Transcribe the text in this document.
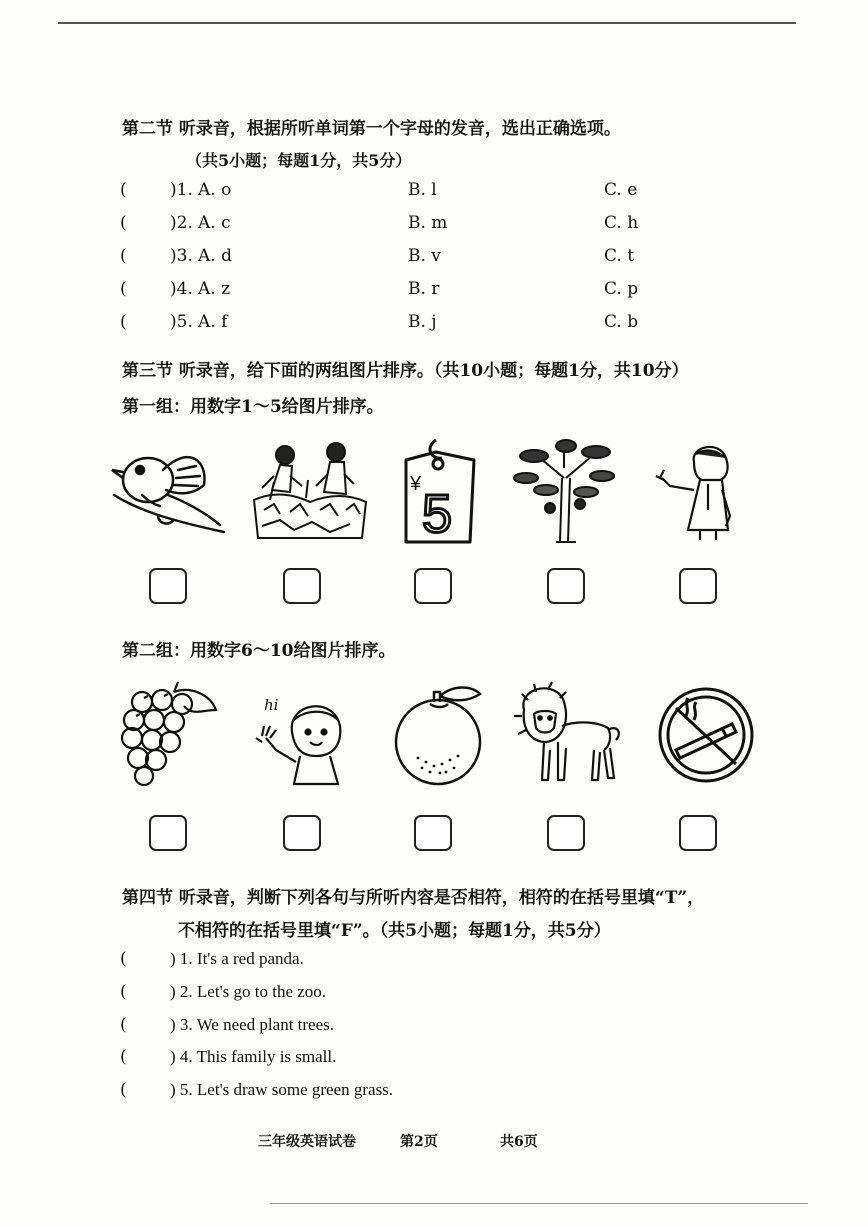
第二节 听录音，根据所听单词第一个字母的发音，选出正确选项。
（共5小题；每题1分，共5分）
(	)1. A. o	B. l	C. e
(	)2. A. c	B. m	C. h
(	)3. A. d	B. v	C. t
(	)4. A. z	B. r	C. p
(	)5. A. f	B. j	C. b
第三节 听录音，给下面的两组图片排序。（共10小题；每题1分，共10分）
第一组：用数字1～5给图片排序。
¥ 5
第二组：用数字6～10给图片排序。
hi
第四节 听录音，判断下列各句与所听内容是否相符，相符的在括号里填“T”，
不相符的在括号里填“F”。（共5小题；每题1分，共5分）
(	) 1. It's a red panda.
(	) 2. Let's go to the zoo.
(	) 3. We need plant trees.
(	) 4. This family is small.
(	) 5. Let's draw some green grass.
三年级英语试卷	第2页	共6页
